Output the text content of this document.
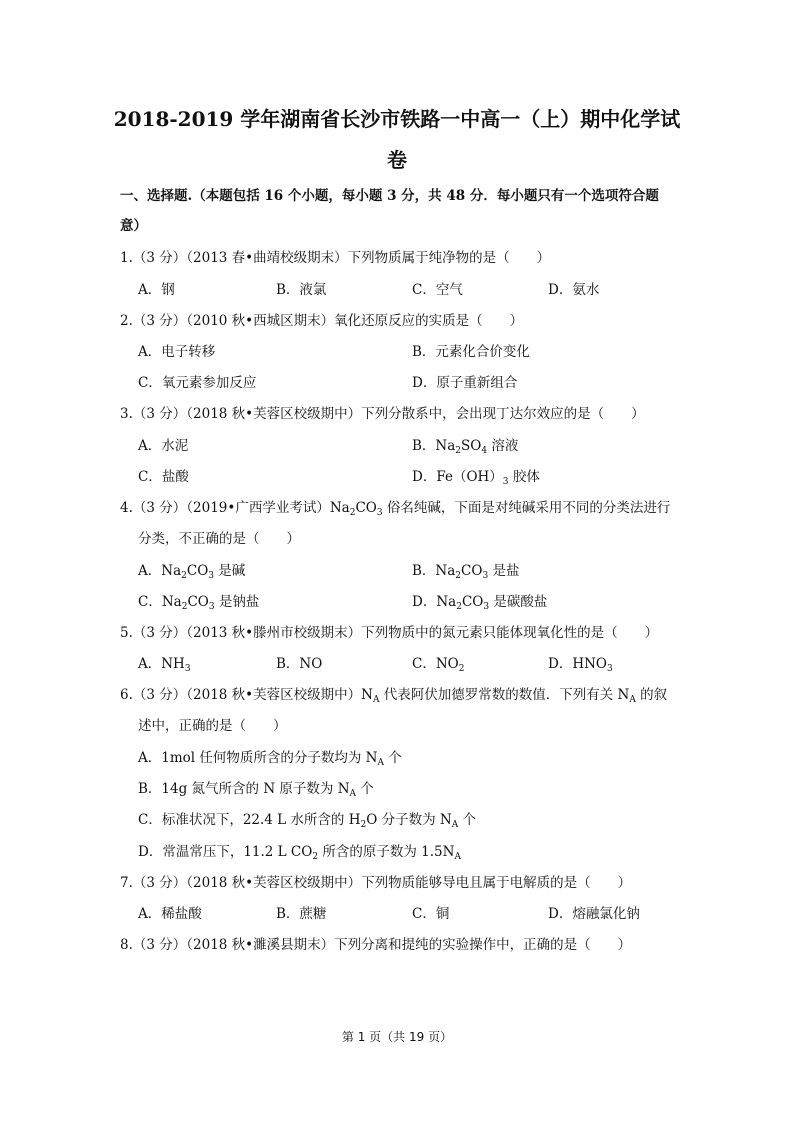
2018-2019 学年湖南省长沙市铁路一中高一（上）期中化学试
卷
一、选择题.（本题包括 16 个小题，每小题 3 分，共 48 分．每小题只有一个选项符合题
意）
1.（3 分）（2013 春•曲靖校级期末）下列物质属于纯净物的是（　　）
A．钢	B．液氯	C．空气	D．氨水
2.（3 分）（2010 秋•西城区期末）氧化还原反应的实质是（　　）
A．电子转移	B．元素化合价变化
C．氧元素参加反应	D．原子重新组合
3.（3 分）（2018 秋•芙蓉区校级期中）下列分散系中，会出现丁达尔效应的是（　　）
A．水泥	B．$Na_2SO_4$ 溶液
C．盐酸	D．$Fe(OH)_3$ 胶体
4.（3 分）（2019•广西学业考试）$Na_2CO_3$ 俗名纯碱，下面是对纯碱采用不同的分类法进行
分类，不正确的是（　　）
A．$Na_2CO_3$ 是碱	B．$Na_2CO_3$ 是盐
C．$Na_2CO_3$ 是钠盐	D．$Na_2CO_3$ 是碳酸盐
5.（3 分）（2013 秋•滕州市校级期末）下列物质中的氮元素只能体现氧化性的是（　　）
A．$NH_3$	B．NO	C．$NO_2$	D．$HNO_3$
6.（3 分）（2018 秋•芙蓉区校级期中）$N_A$ 代表阿伏加德罗常数的数值．下列有关 $N_A$ 的叙
述中，正确的是（　　）
A．1mol 任何物质所含的分子数均为 $N_A$ 个
B．14g 氮气所含的 N 原子数为 $N_A$ 个
C．标准状况下，22.4 L 水所含的 $H_2O$ 分子数为 $N_A$ 个
D．常温常压下，11.2 L $CO_2$ 所含的原子数为 $1.5N_A$
7.（3 分）（2018 秋•芙蓉区校级期中）下列物质能够导电且属于电解质的是（　　）
A．稀盐酸	B．蔗糖	C．铜	D．熔融氯化钠
8.（3 分）（2018 秋•濉溪县期末）下列分离和提纯的实验操作中，正确的是（　　）
第 1 页（共 19 页）
